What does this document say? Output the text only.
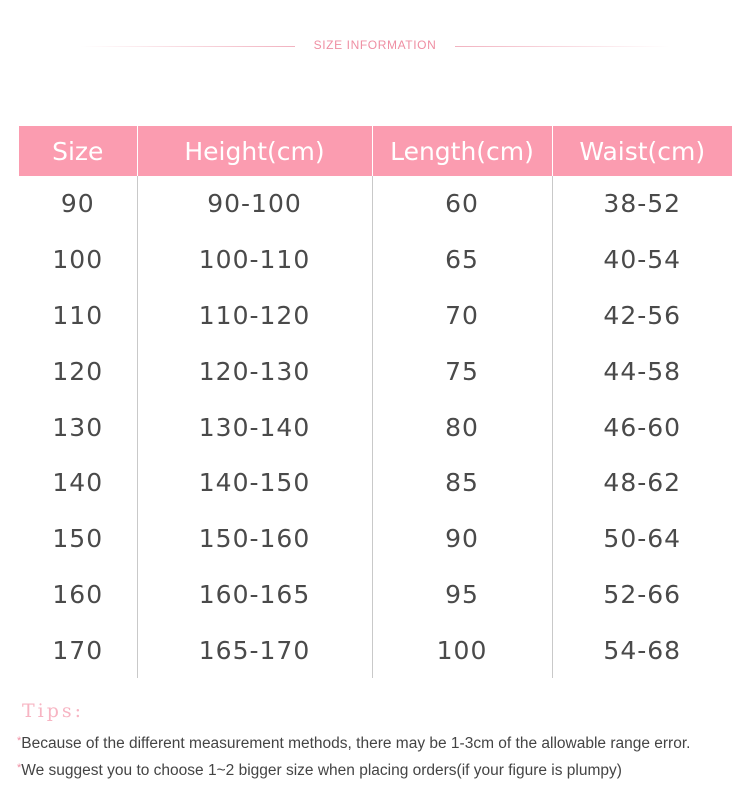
SIZE INFORMATION
Size	Height(cm)	Length(cm)	Waist(cm)
90	90-100	60	38-52
100	100-110	65	40-54
110	110-120	70	42-56
120	120-130	75	44-58
130	130-140	80	46-60
140	140-150	85	48-62
150	150-160	90	50-64
160	160-165	95	52-66
170	165-170	100	54-68
Tips:
*Because of the different measurement methods, there may be 1-3cm of the allowable range error.
*We suggest you to choose 1~2 bigger size when placing orders(if your figure is plumpy)
